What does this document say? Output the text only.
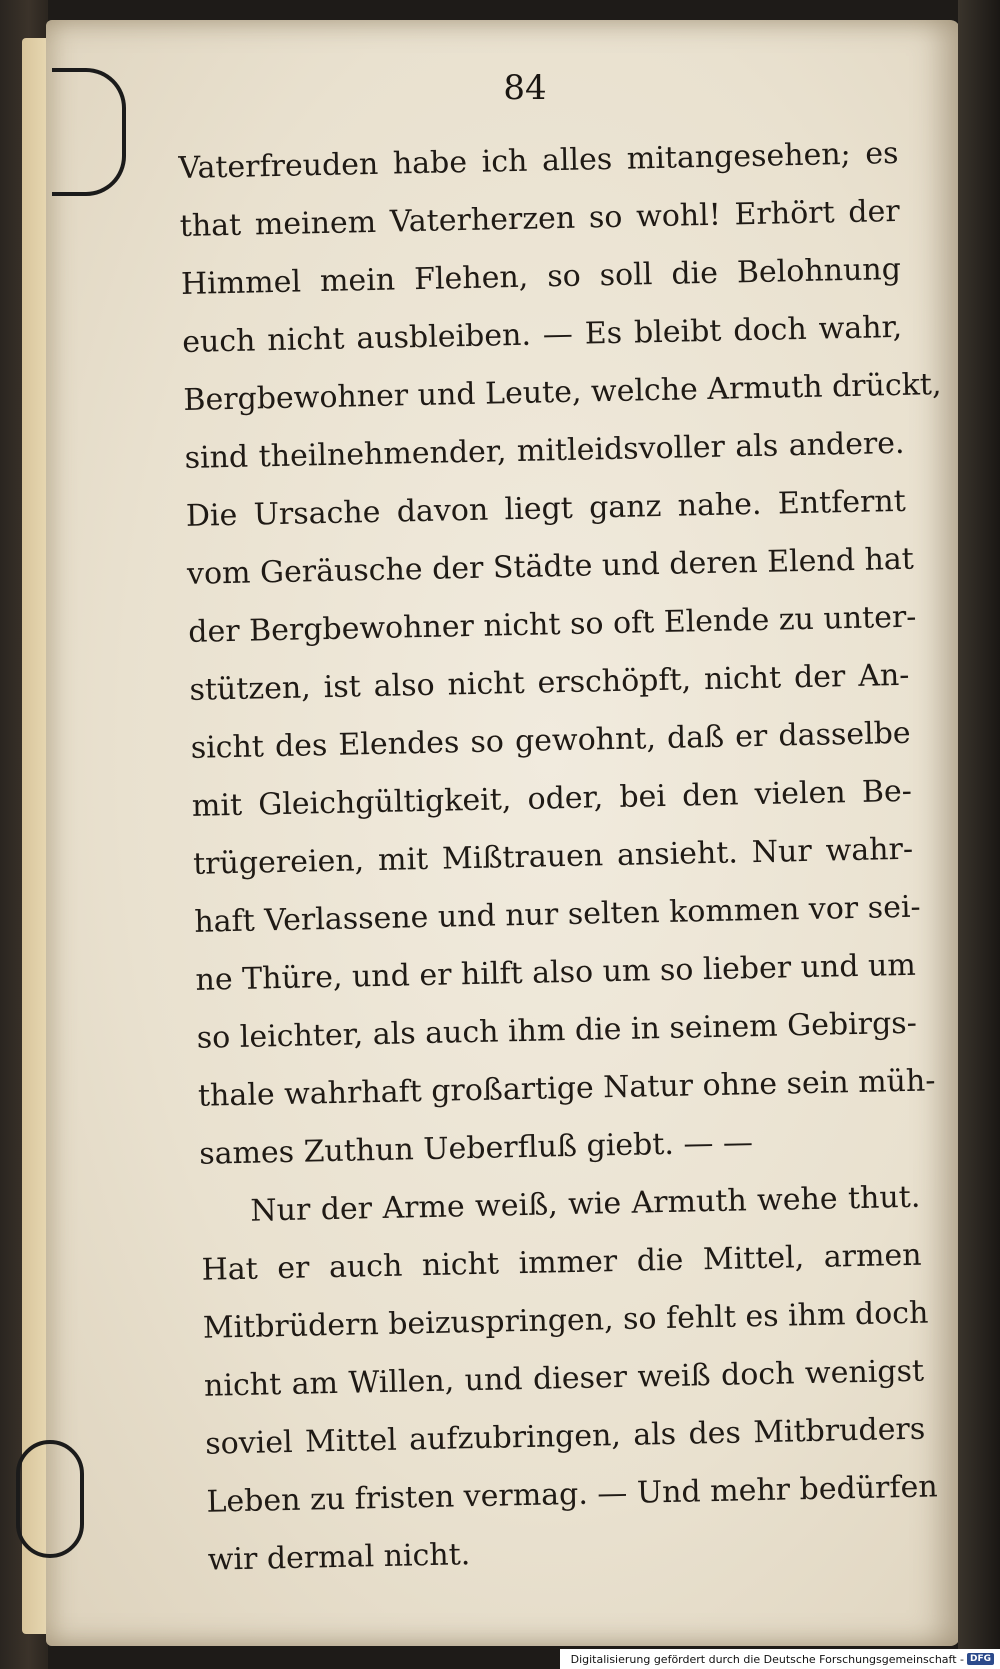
84
Vaterfreuden habe ich alles mitangesehen; es
that meinem Vaterherzen so wohl! Erhört der
Himmel mein Flehen, so soll die Belohnung
euch nicht ausbleiben. — Es bleibt doch wahr,
Bergbewohner und Leute, welche Armuth drückt,
sind theilnehmender, mitleidsvoller als andere.
Die Ursache davon liegt ganz nahe. Entfernt
vom Geräusche der Städte und deren Elend hat
der Bergbewohner nicht so oft Elende zu unter-
stützen, ist also nicht erschöpft, nicht der An-
sicht des Elendes so gewohnt, daß er dasselbe
mit Gleichgültigkeit, oder, bei den vielen Be-
trügereien, mit Mißtrauen ansieht. Nur wahr-
haft Verlassene und nur selten kommen vor sei-
ne Thüre, und er hilft also um so lieber und um
so leichter, als auch ihm die in seinem Gebirgs-
thale wahrhaft großartige Natur ohne sein müh-
sames Zuthun Ueberfluß giebt. — —
Nur der Arme weiß, wie Armuth wehe thut.
Hat er auch nicht immer die Mittel, armen
Mitbrüdern beizuspringen, so fehlt es ihm doch
nicht am Willen, und dieser weiß doch wenigst
soviel Mittel aufzubringen, als des Mitbruders
Leben zu fristen vermag. — Und mehr bedürfen
wir dermal nicht.
Digitalisierung gefördert durch die Deutsche Forschungsgemeinschaft - DFG
